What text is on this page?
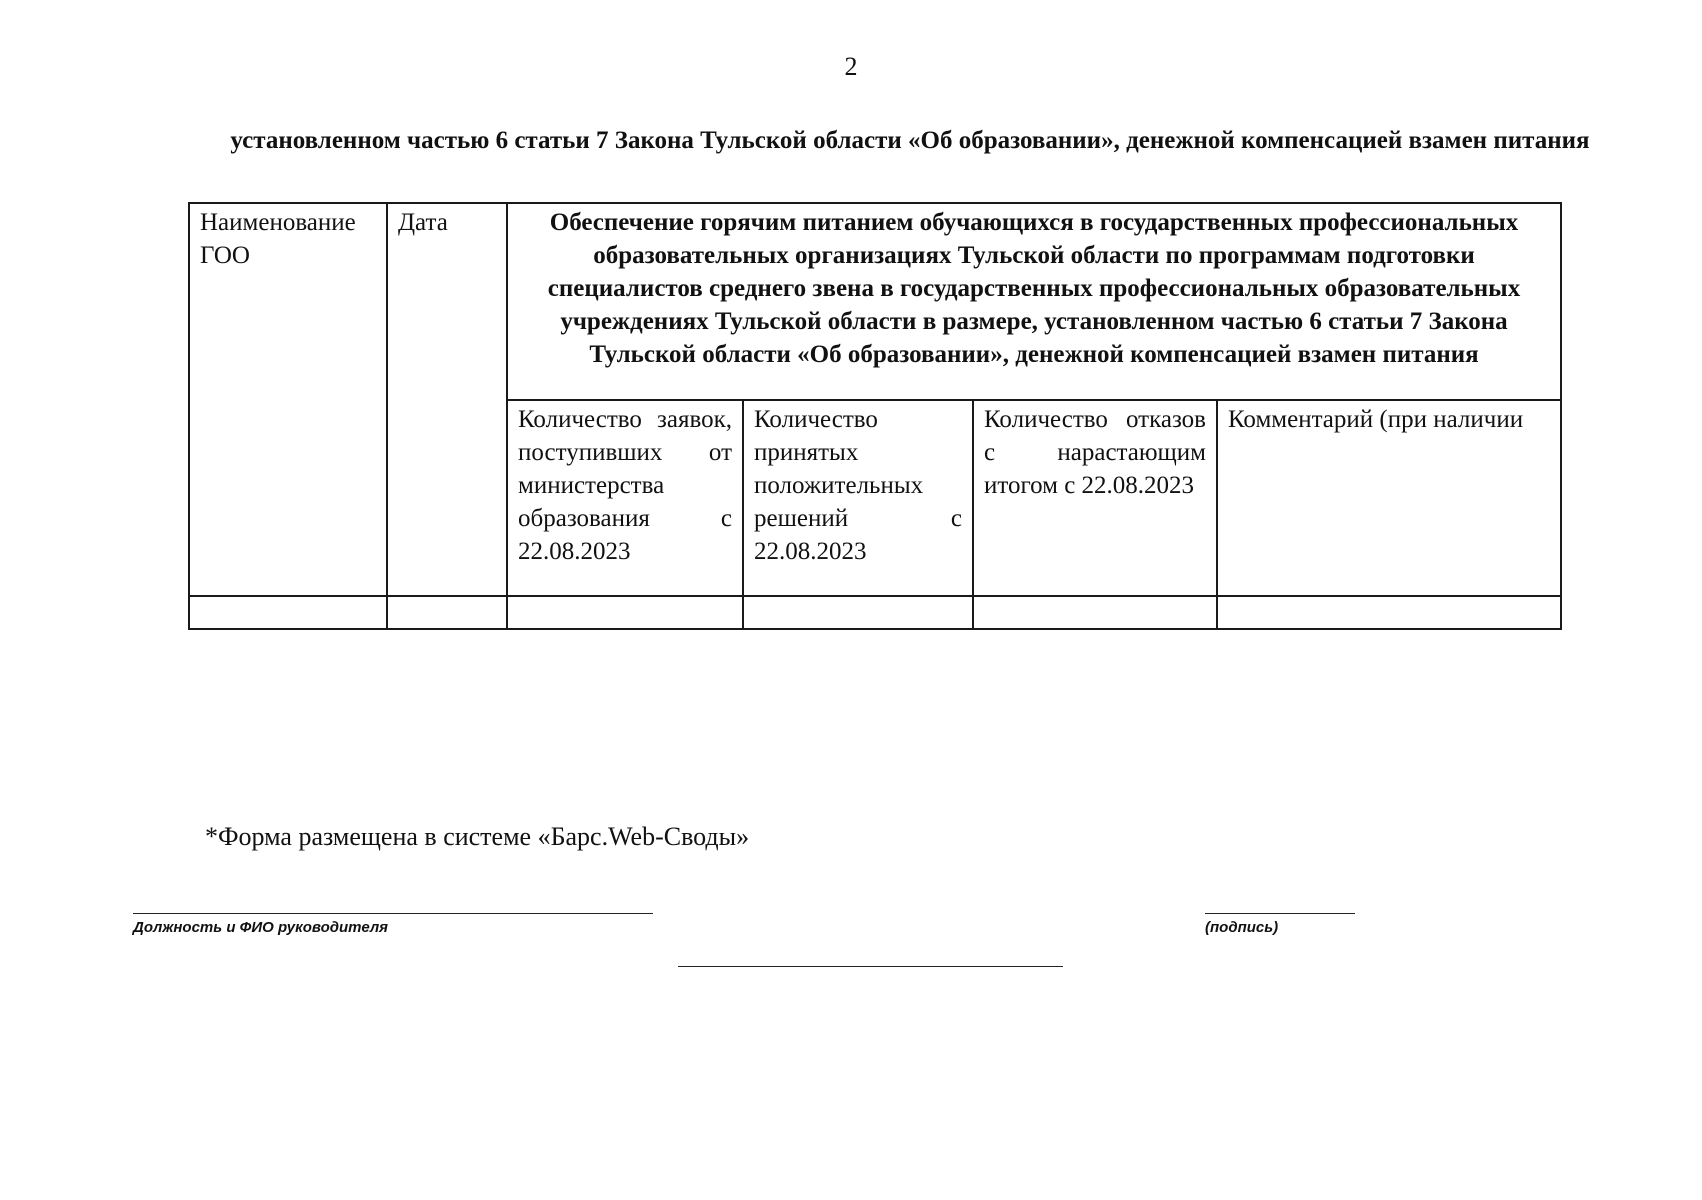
2
установленном частью 6 статьи 7 Закона Тульской области «Об образовании», денежной компенсацией взамен питания
Наименование ГОО	Дата	Обеспечение горячим питанием обучающихся в государственных профессиональных образовательных организациях Тульской области по программам подготовки специалистов среднего звена в государственных профессиональных образовательных учреждениях Тульской области в размере, установленном частью 6 статьи 7 Закона Тульской области «Об образовании», денежной компенсацией взамен питания			
		Количество заявок, поступивших от министерства образования с 22.08.2023	Количество принятых положительных решений с 22.08.2023	Количество отказов с нарастающим итогом с 22.08.2023	Комментарий (при наличии

*Форма размещена в системе «Барс.Web-Своды»
Должность и ФИО руководителя	(подпись)
